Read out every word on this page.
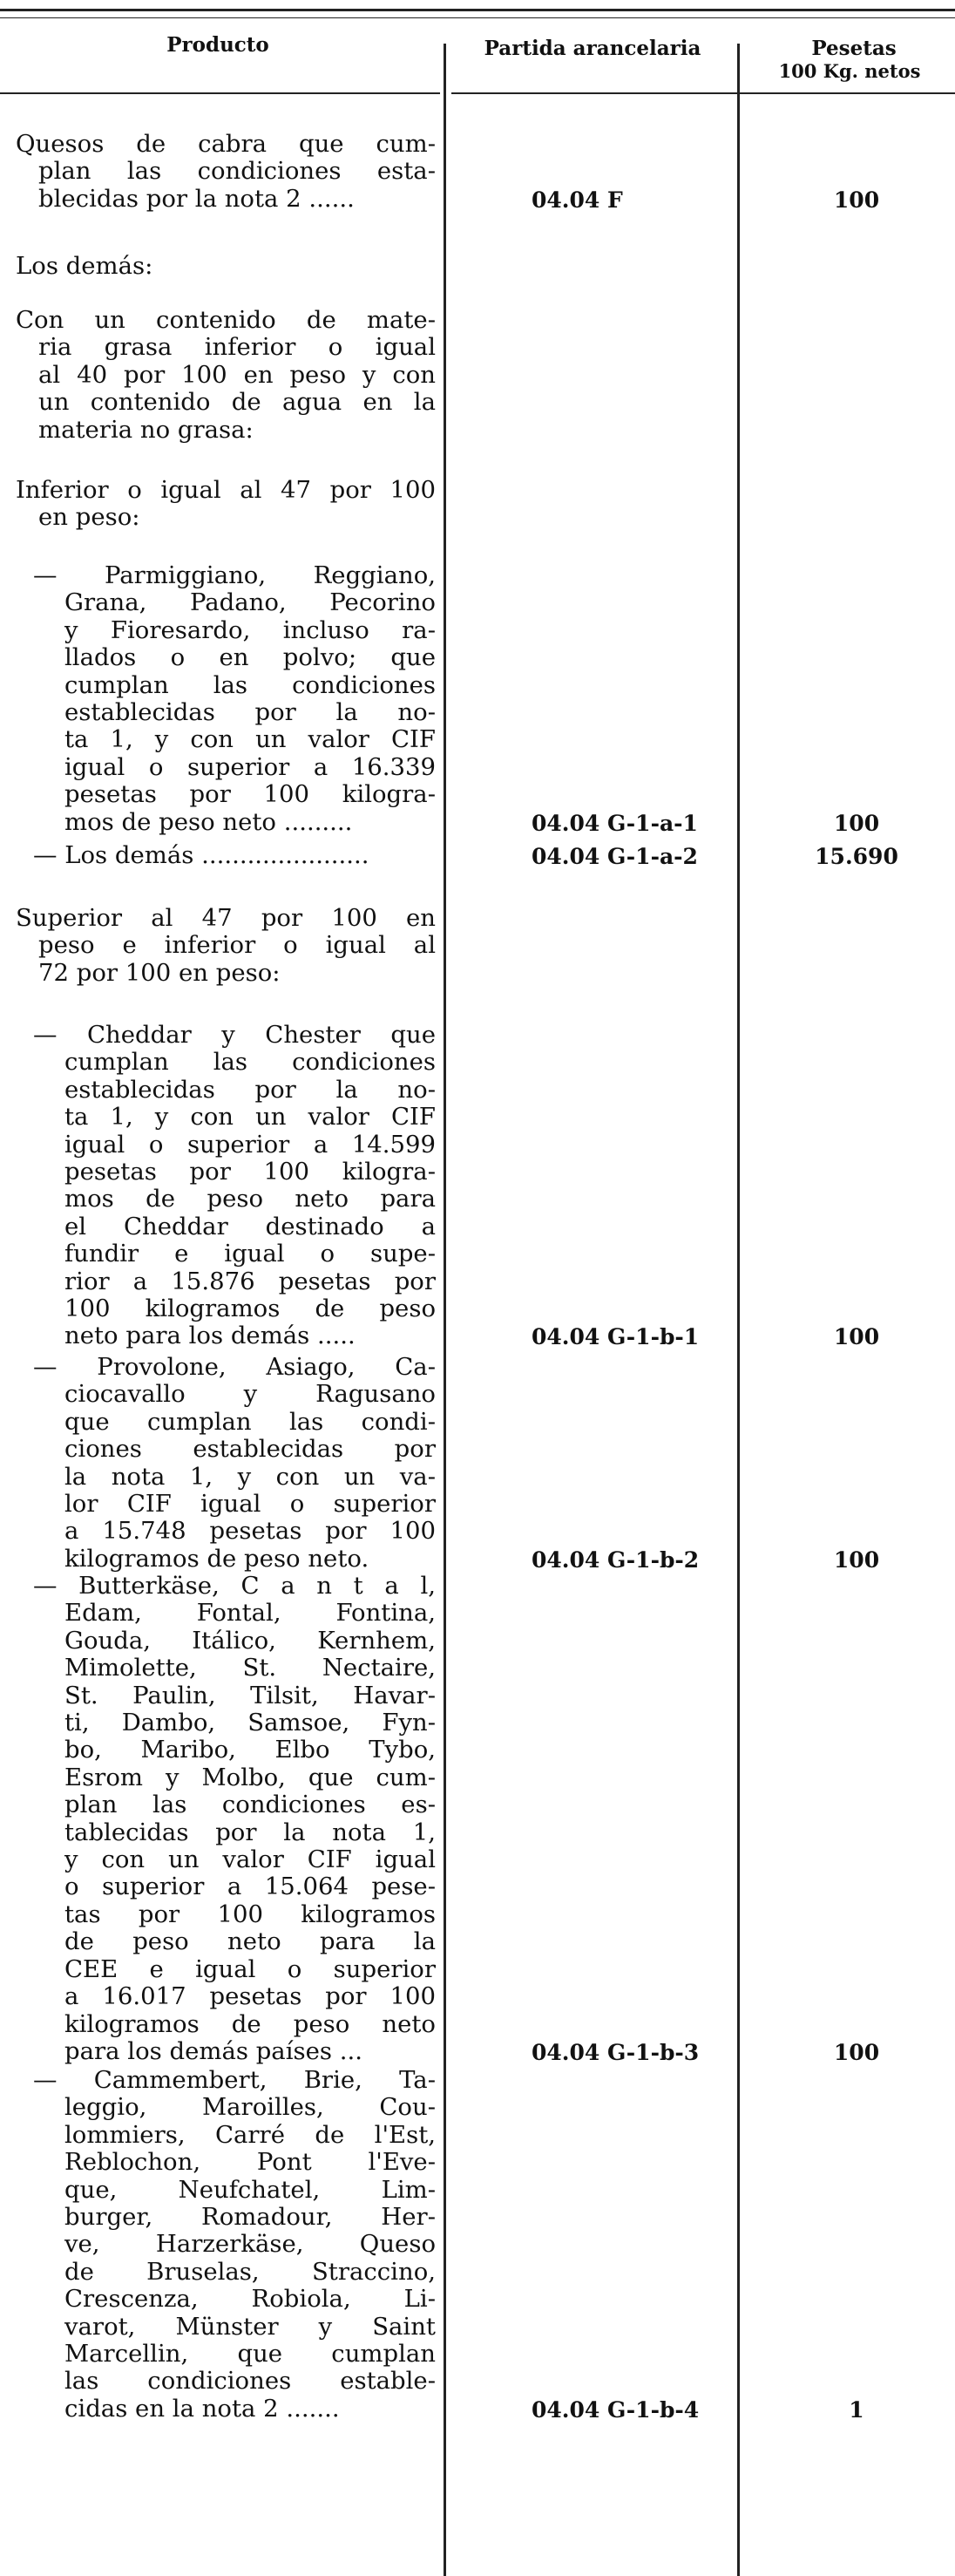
Producto	Partida arancelaria	Pesetas
100 Kg. netos
Quesos de cabra que cum-
plan las condiciones esta-
blecidas por la nota 2 ......	04.04 F	100
Los demás:
Con un contenido de mate-
ria grasa inferior o igual
al 40 por 100 en peso y con
un contenido de agua en la
materia no grasa:
Inferior o igual al 47 por 100
en peso:
— Parmiggiano, Reggiano,
Grana, Padano, Pecorino
y Fioresardo, incluso ra-
llados o en polvo; que
cumplan las condiciones
establecidas por la no-
ta 1, y con un valor CIF
igual o superior a 16.339
pesetas por 100 kilogra-
mos de peso neto .........	04.04 G-1-a-1	100
— Los demás ......................	04.04 G-1-a-2	15.690
Superior al 47 por 100 en
peso e inferior o igual al
72 por 100 en peso:
— Cheddar y Chester que
cumplan las condiciones
establecidas por la no-
ta 1, y con un valor CIF
igual o superior a 14.599
pesetas por 100 kilogra-
mos de peso neto para
el Cheddar destinado a
fundir e igual o supe-
rior a 15.876 pesetas por
100 kilogramos de peso
neto para los demás .....	04.04 G-1-b-1	100
— Provolone, Asiago, Ca-
ciocavallo y Ragusano
que cumplan las condi-
ciones establecidas por
la nota 1, y con un va-
lor CIF igual o superior
a 15.748 pesetas por 100
kilogramos de peso neto.	04.04 G-1-b-2	100
— Butterkäse, C a n t a l,
Edam, Fontal, Fontina,
Gouda, Itálico, Kernhem,
Mimolette, St. Nectaire,
St. Paulin, Tilsit, Havar-
ti, Dambo, Samsoe, Fyn-
bo, Maribo, Elbo Tybo,
Esrom y Molbo, que cum-
plan las condiciones es-
tablecidas por la nota 1,
y con un valor CIF igual
o superior a 15.064 pese-
tas por 100 kilogramos
de peso neto para la
CEE e igual o superior
a 16.017 pesetas por 100
kilogramos de peso neto
para los demás países ...	04.04 G-1-b-3	100
— Cammembert, Brie, Ta-
leggio, Maroilles, Cou-
lommiers, Carré de l'Est,
Reblochon, Pont l'Eve-
que, Neufchatel, Lim-
burger, Romadour, Her-
ve, Harzerkäse, Queso
de Bruselas, Straccino,
Crescenza, Robiola, Li-
varot, Münster y Saint
Marcellin, que cumplan
las condiciones estable-
cidas en la nota 2 .......	04.04 G-1-b-4	1
